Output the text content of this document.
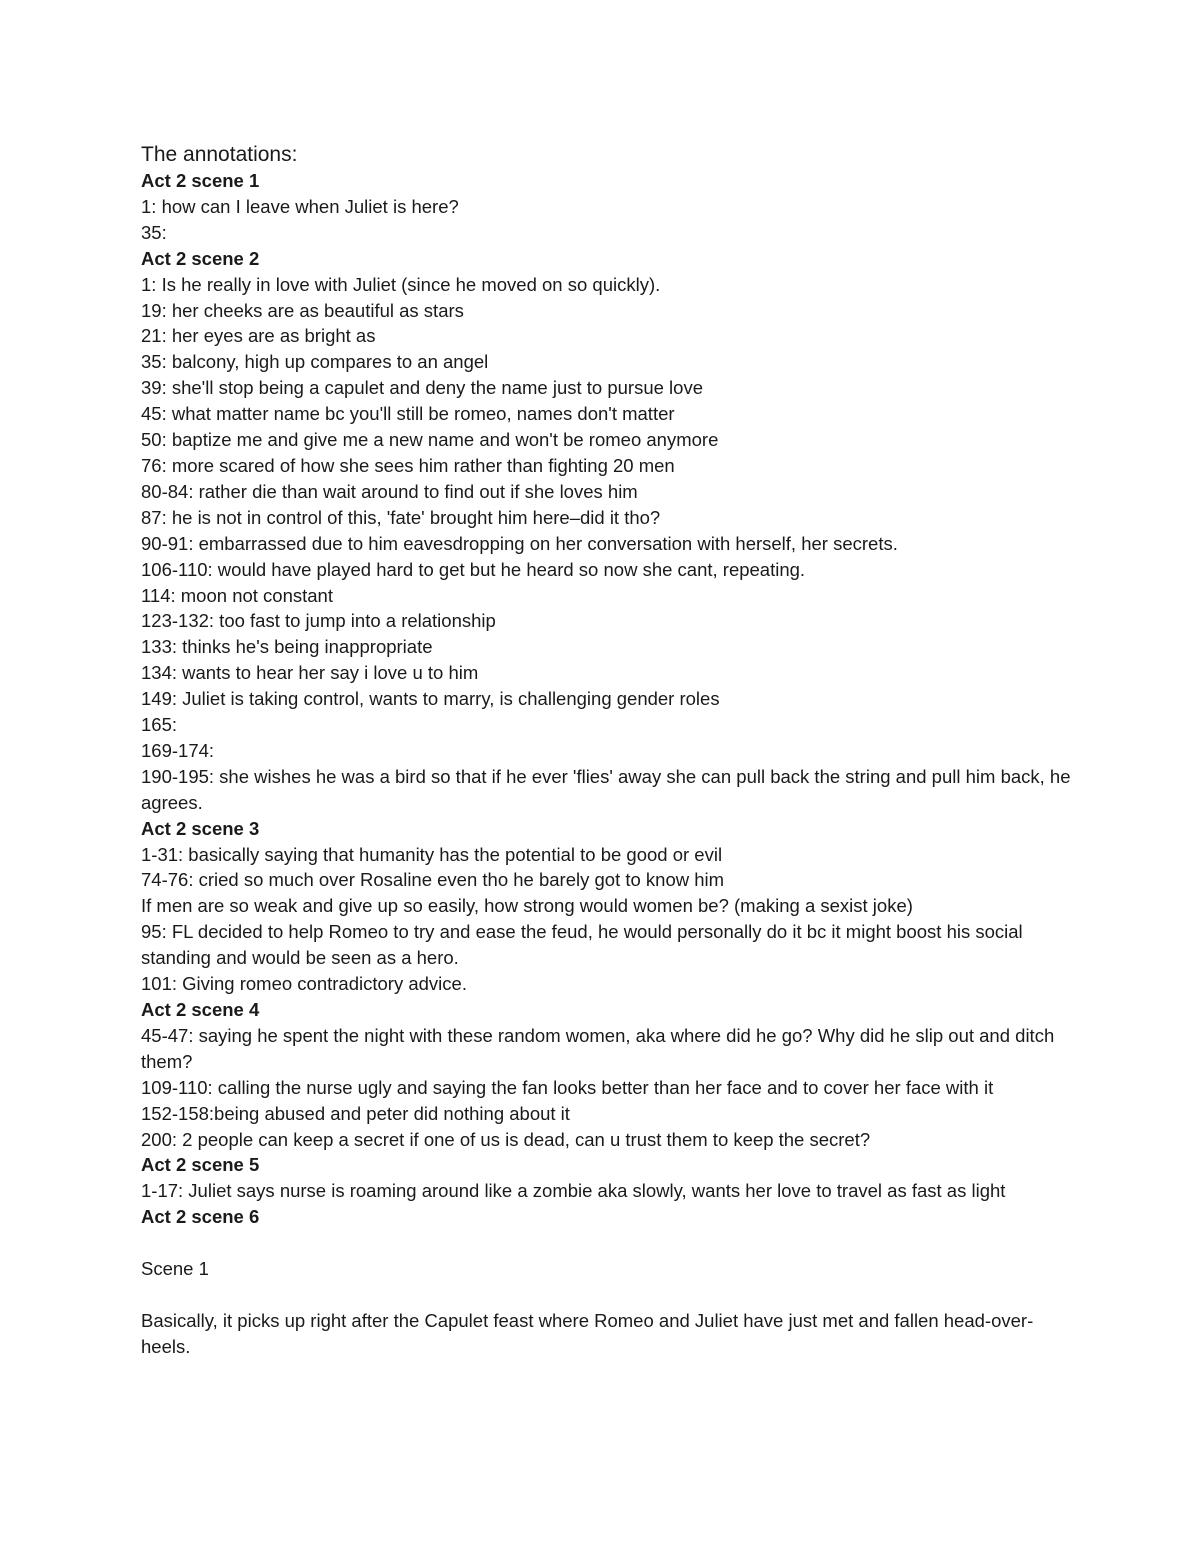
The annotations:

Act 2 scene 1

1: how can I leave when Juliet is here?

35:

Act 2 scene 2

1: Is he really in love with Juliet (since he moved on so quickly).

19: her cheeks are as beautiful as stars

21: her eyes are as bright as

35: balcony, high up compares to an angel

39: she'll stop being a capulet and deny the name just to pursue love

45: what matter name bc you'll still be romeo, names don't matter

50: baptize me and give me a new name and won't be romeo anymore

76: more scared of how she sees him rather than fighting 20 men

80-84: rather die than wait around to find out if she loves him

87: he is not in control of this, 'fate' brought him here–did it tho?

90-91: embarrassed due to him eavesdropping on her conversation with herself, her secrets.

106-110: would have played hard to get but he heard so now she cant, repeating.

114: moon not constant

123-132: too fast to jump into a relationship

133: thinks he's being inappropriate

134: wants to hear her say i love u to him

149: Juliet is taking control, wants to marry, is challenging gender roles

165:

169-174:

190-195: she wishes he was a bird so that if he ever 'flies' away she can pull back the string and pull him back, he agrees.

Act 2 scene 3

1-31: basically saying that humanity has the potential to be good or evil

74-76: cried so much over Rosaline even tho he barely got to know him

If men are so weak and give up so easily, how strong would women be? (making a sexist joke)

95: FL decided to help Romeo to try and ease the feud, he would personally do it bc it might boost his social standing and would be seen as a hero.

101: Giving romeo contradictory advice.

Act 2 scene 4

45-47: saying he spent the night with these random women, aka where did he go? Why did he slip out and ditch them?

109-110: calling the nurse ugly and saying the fan looks better than her face and to cover her face with it

152-158:being abused and peter did nothing about it

200: 2 people can keep a secret if one of us is dead, can u trust them to keep the secret?

Act 2 scene 5

1-17: Juliet says nurse is roaming around like a zombie aka slowly, wants her love to travel as fast as light

Act 2 scene 6

Scene 1

Basically, it picks up right after the Capulet feast where Romeo and Juliet have just met and fallen head-over-heels.
